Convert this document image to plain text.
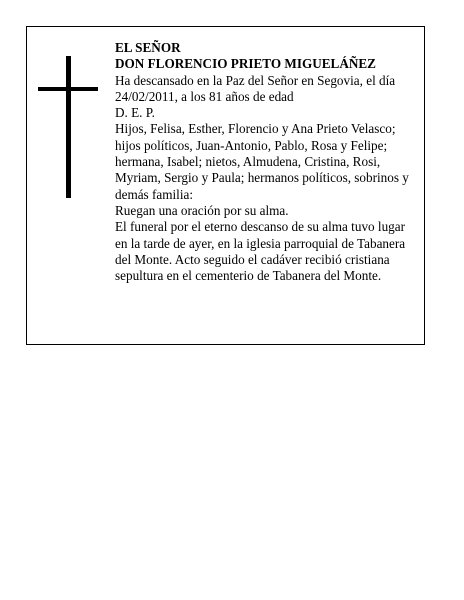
EL SEÑOR
DON FLORENCIO PRIETO MIGUELÁÑEZ
Ha descansado en la Paz del Señor en Segovia, el día
24/02/2011, a los 81 años de edad
D. E. P.
Hijos, Felisa, Esther, Florencio y Ana Prieto Velasco;
hijos políticos, Juan-Antonio, Pablo, Rosa y Felipe;
hermana, Isabel; nietos, Almudena, Cristina, Rosi,
Myriam, Sergio y Paula; hermanos políticos, sobrinos y
demás familia:
Ruegan una oración por su alma.
El funeral por el eterno descanso de su alma tuvo lugar
en la tarde de ayer, en la iglesia parroquial de Tabanera
del Monte. Acto seguido el cadáver recibió cristiana
sepultura en el cementerio de Tabanera del Monte.
